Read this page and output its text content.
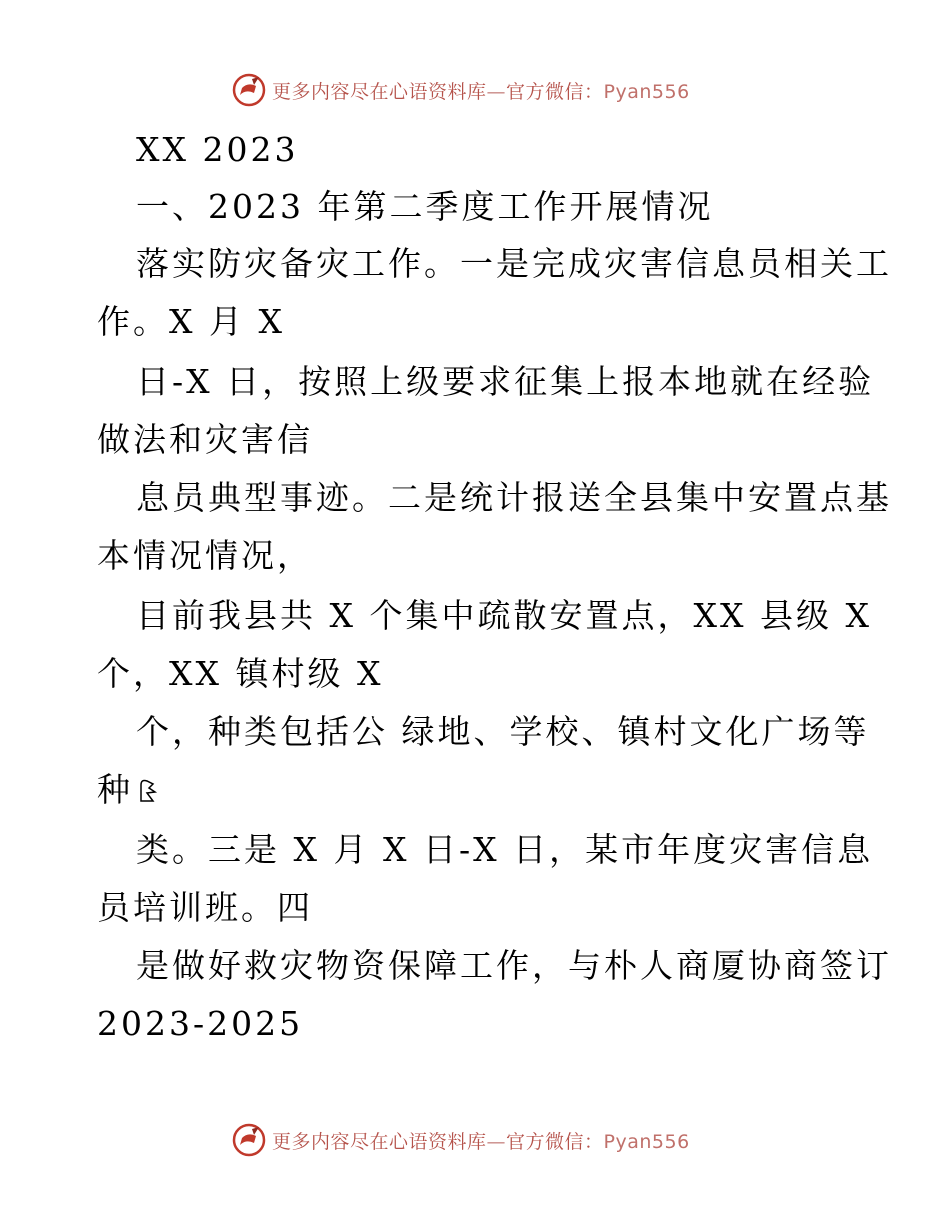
更多内容尽在心语资料库—官方微信：Pyan556
XX 2023
一、2023 年第二季度工作开展情况
落实防灾备灾工作。一是完成灾害信息员相关工
作。X 月 X
日-X 日，按照上级要求征集上报本地就在经验
做法和灾害信
息员典型事迹。二是统计报送全县集中安置点基
本情况情况，
目前我县共 X 个集中疏散安置点，XX 县级 X
个，XX 镇村级 X
个，种类包括公 绿地、学校、镇村文化广场等
种
类。三是 X 月 X 日-X 日，某市年度灾害信息
员培训班。四
是做好救灾物资保障工作，与朴人商厦协商签订
2023-2025
更多内容尽在心语资料库—官方微信：Pyan556
